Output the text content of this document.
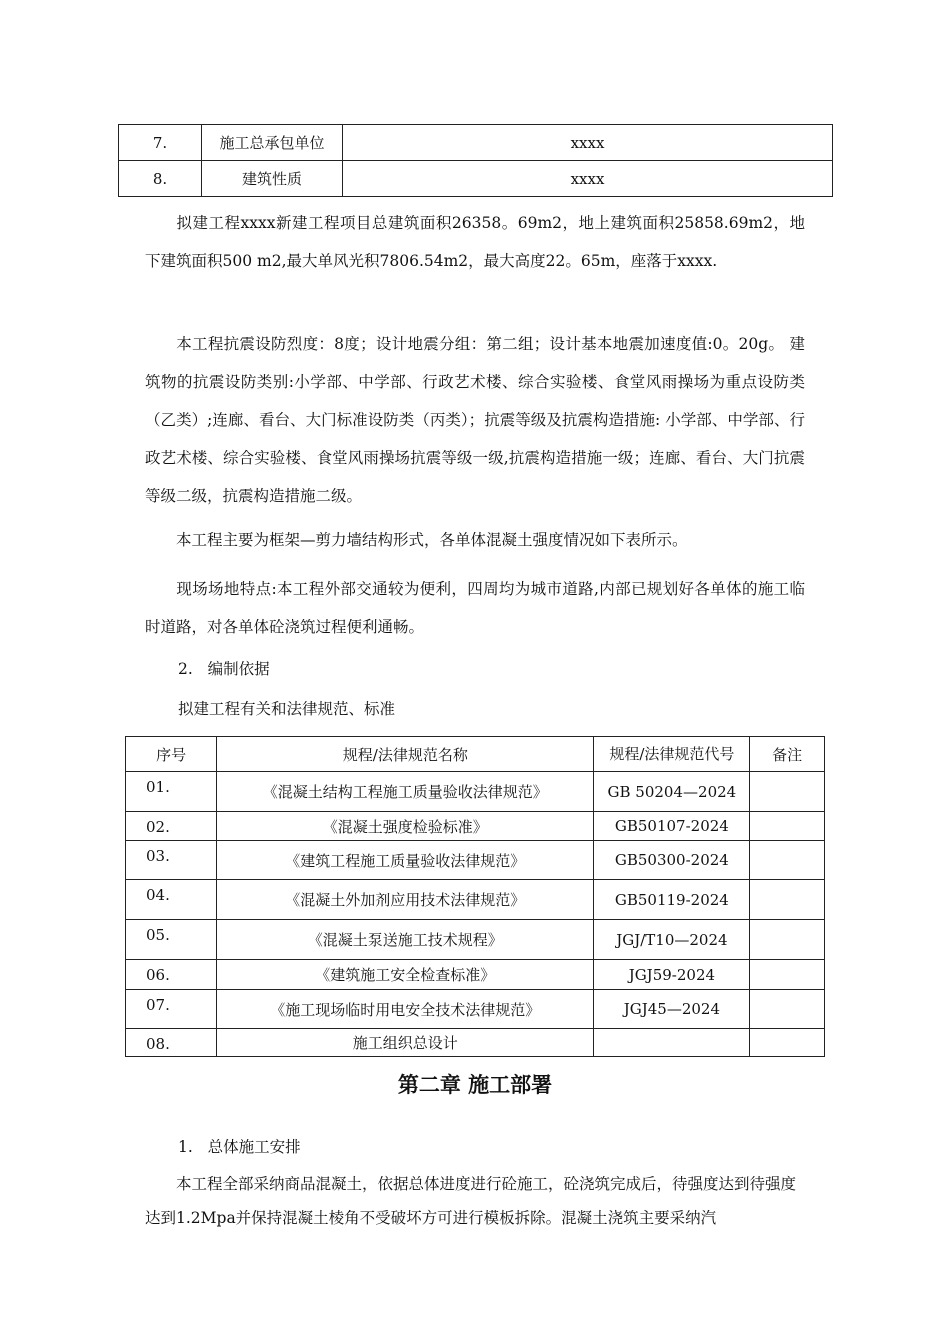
7.	施工总承包单位	xxxx
8.	建筑性质	xxxx

拟建工程xxxx新建工程项目总建筑面积26358。69m2，地上建筑面积25858.69m2，地下建筑面积500 m2,最大单风光积7806.54m2，最大高度22。65m，座落于xxxx.

本工程抗震设防烈度：8度；设计地震分组：第二组；设计基本地震加速度值:0。20g。 建筑物的抗震设防类别:小学部、中学部、行政艺术楼、综合实验楼、食堂风雨操场为重点设防类（乙类）;连廊、看台、大门标准设防类（丙类）；抗震等级及抗震构造措施: 小学部、中学部、行政艺术楼、综合实验楼、食堂风雨操场抗震等级一级,抗震构造措施一级；连廊、看台、大门抗震等级二级，抗震构造措施二级。

本工程主要为框架—剪力墙结构形式，各单体混凝土强度情况如下表所示。

现场场地特点:本工程外部交通较为便利，四周均为城市道路,内部已规划好各单体的施工临时道路，对各单体砼浇筑过程便利通畅。

2.   编制依据
拟建工程有关和法律规范、标准
序号	规程/法律规范名称	规程/法律规范代号	备注
01.	《混凝土结构工程施工质量验收法律规范》	GB 50204—2024	
02.	《混凝土强度检验标准》	GB50107-2024	
03.	《建筑工程施工质量验收法律规范》	GB50300-2024	
04.	《混凝土外加剂应用技术法律规范》	GB50119-2024	
05.	《混凝土泵送施工技术规程》	JGJ/T10—2024	
06.	《建筑施工安全检查标准》	JGJ59-2024	
07.	《施工现场临时用电安全技术法律规范》	JGJ45—2024	
08.	施工组织总设计		
第二章 施工部署
1.   总体施工安排

本工程全部采纳商品混凝土，依据总体进度进行砼施工，砼浇筑完成后，待强度达到待强度达到1.2Mpa并保持混凝土棱角不受破坏方可进行模板拆除。混凝土浇筑主要采纳汽
